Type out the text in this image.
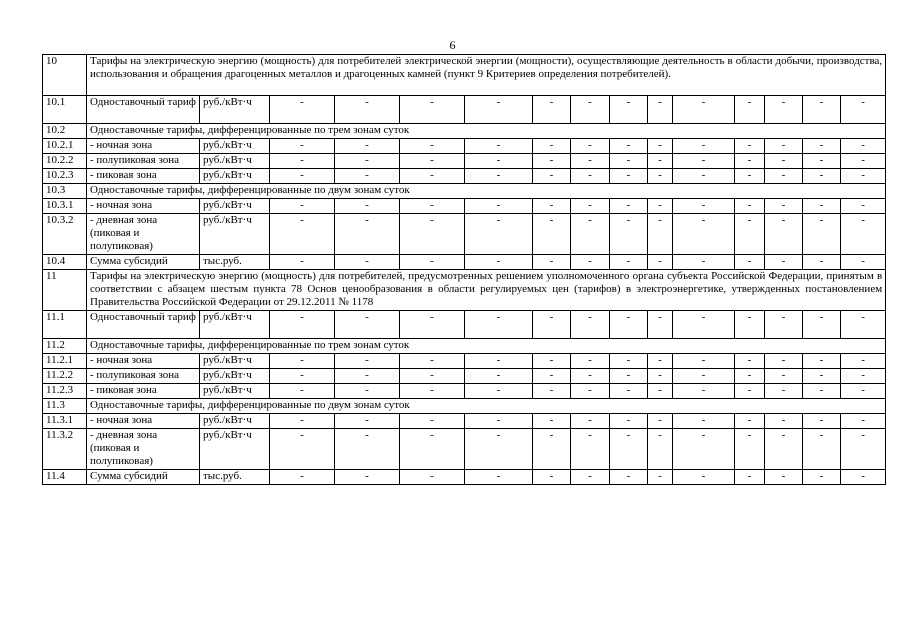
6
10	Тарифы на электрическую энергию (мощность) для потребителей электрической энергии (мощности), осуществляющие деятельность в области добычи, производства, использования и обращения драгоценных металлов и драгоценных камней (пункт 9 Критериев определения потребителей).														
10.1	Одноставочный тариф	руб./кВт·ч	-	-	-	-	-	-	-	-	-	-	-	-	-
10.2	Одноставочные тарифы, дифференцированные по трем зонам суток														
10.2.1	- ночная зона	руб./кВт·ч	-	-	-	-	-	-	-	-	-	-	-	-	-
10.2.2	- полупиковая зона	руб./кВт·ч	-	-	-	-	-	-	-	-	-	-	-	-	-
10.2.3	- пиковая зона	руб./кВт·ч	-	-	-	-	-	-	-	-	-	-	-	-	-
10.3	Одноставочные тарифы, дифференцированные по двум зонам суток														
10.3.1	- ночная зона	руб./кВт·ч	-	-	-	-	-	-	-	-	-	-	-	-	-
10.3.2	- дневная зона (пиковая и полупиковая)	руб./кВт·ч	-	-	-	-	-	-	-	-	-	-	-	-	-
10.4	Сумма субсидий	тыс.руб.	-	-	-	-	-	-	-	-	-	-	-	-	-
11	Тарифы на электрическую энергию (мощность) для потребителей, предусмотренных решением уполномоченного органа субъекта Российской Федерации, принятым в соответствии с абзацем шестым пункта 78 Основ ценообразования в области регулируемых цен (тарифов) в электроэнергетике, утвержденных постановлением Правительства Российской Федерации от 29.12.2011 № 1178														
11.1	Одноставочный тариф	руб./кВт·ч	-	-	-	-	-	-	-	-	-	-	-	-	-
11.2	Одноставочные тарифы, дифференцированные по трем зонам суток														
11.2.1	- ночная зона	руб./кВт·ч	-	-	-	-	-	-	-	-	-	-	-	-	-
11.2.2	- полупиковая зона	руб./кВт·ч	-	-	-	-	-	-	-	-	-	-	-	-	-
11.2.3	- пиковая зона	руб./кВт·ч	-	-	-	-	-	-	-	-	-	-	-	-	-
11.3	Одноставочные тарифы, дифференцированные по двум зонам суток														
11.3.1	- ночная зона	руб./кВт·ч	-	-	-	-	-	-	-	-	-	-	-	-	-
11.3.2	- дневная зона (пиковая и полупиковая)	руб./кВт·ч	-	-	-	-	-	-	-	-	-	-	-	-	-
11.4	Сумма субсидий	тыс.руб.	-	-	-	-	-	-	-	-	-	-	-	-	-
